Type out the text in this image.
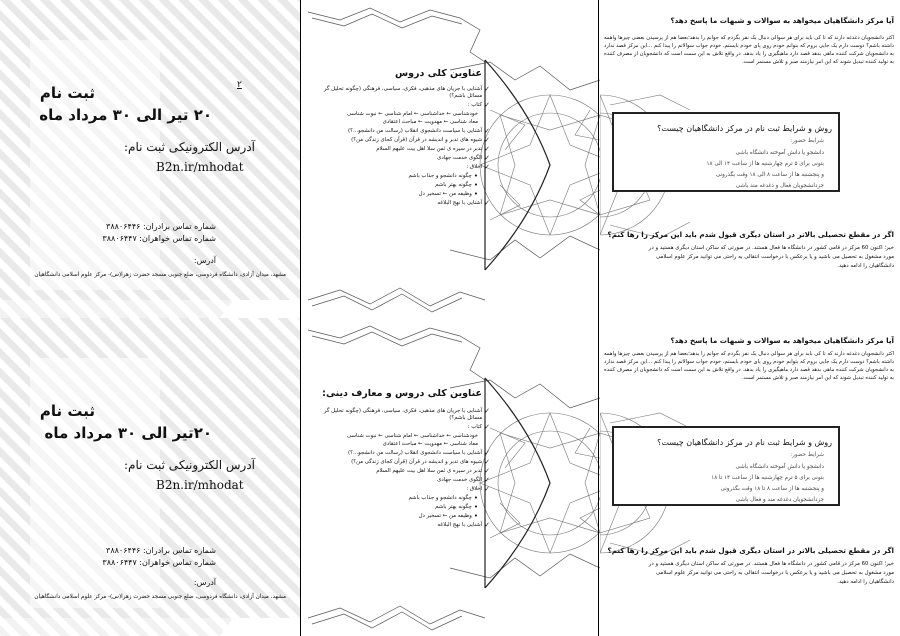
۲
ثبت نام
۲۰ تیر الی ۳۰ مرداد ماه
آدرس الکترونیکی ثبت نام:
B2n.ir/mhodat
شماره تماس برادران: ۳۸۸۰۶۴۴۶
شماره تماس خواهران: ۳۸۸۰۶۴۴۷
آدرس:
مشهد، میدان آزادی، دانشگاه فردوسی، ضلع جنوبی مسجد حضرت زهرا(س)- مرکز علوم اسلامی دانشگاهیان
عناوین کلی دروس
✓
آشنایی با جریان های مذهبی، فکری، سیاسی، فرهنگی (چگونه تحلیل گر مسائل باشم؟)
✓
کتاب :
خودشناسی ← خداشناسی ← امام شناسی ← نبوت شناسی
معاد شناسی ← مهدویت ← مباحث اعتقادی
✓
آشنایی با سیاست دانشجوی انقلاب (رسالت من دانشجو...؟)
✓
شیوه های تدبر و اندیشه در قرآن (قرآن کجای زندگی من؟)
✓
تدبر در سیره ی ثمن سلا اهل بیت علیهم السلام
✓
الگوی خدمت جهادی
✓
اخلاق :
•
چگونه دانشجو و جذاب باشم
•
چگونه بهتر باشم
•
وظیفه من ← تسخیر دل
✓
آشنایی با نهج البلاغه
آیا مرکز دانشگاهیان میخواهد به سوالات و شبهات ما پاسخ دهد؟
اکثر دانشجویان دغدغه دارند که تا کی باید برای هر سوالی دنبال یک نفر بگردم که جوابم را بدهد؛بعضا هم از پرسیدن بعضی چیزها واهمه داشته باشم؟ دوست دارم یک جایی بروم که بتوانم خودم روی پای خودم بایستم، خودم جواب سوالاتم را پیدا کنم ...این مرکز قصد ندارد به دانشجویان شرکت کننده ماهی بدهد قصد دارد ماهیگیری را یاد بدهد. در واقع تلاش به این سمت است که دانشجویان از مصرف کننده به تولید کننده تبدیل شوند که این امر نیازمند صبر و تلاش مستمر است.
روش و شرایط ثبت نام در مرکز دانشگاهیان چیست؟
شرایط حضور:
دانشجو یا دانش آموخته دانشگاه باشی
بتونی برای ۵ ترم چهارشنبه ها از ساعت ۱۴ الی ۱۸
و پنجشنبه ها از ساعت ۸ الی ۱۸ وقت بگذرونی
جزدانشجویان فعال و دغدغه مند باشی
اگر در مقطع تحصیلی بالاتر در استان دیگری قبول شدم باید این مرکز را رها کنم؟
خیر؛ اکنون 60 مرکز در قامی کشور در دانشگاه ها فعال هستند. در صورتی که ساکن استان دیگری هستید و در مورد مشغول به تحصیل می باشید و یا برعکس با درخواست انتقالی به راحتی می توانید مرکز علوم اسلامی دانشگاهیان را ادامه دهید.
ثبت نام
۲۰تیر الی ۳۰ مرداد ماه
آدرس الکترونیکی ثبت نام:
B2n.ir/mhodat
شماره تماس برادران: ۳۸۸۰۶۴۴۶
شماره تماس خواهران: ۳۸۸۰۶۴۴۷
آدرس:
مشهد، میدان آزادی، دانشگاه فردوسی، ضلع جنوبی مسجد حضرت زهرا(س)- مرکز علوم اسلامی دانشگاهیان
عناوین کلی دروس و معارف دینی:
✓
آشنایی با جریان های مذهبی، فکری، سیاسی، فرهنگی (چگونه تحلیل گر مسائل باشم؟)
✓
کتاب :
خودشناسی ← خداشناسی ← امام شناسی ← نبوت شناسی
معاد شناسی ← مهدویت ← مباحث اعتقادی
✓
آشنایی با سیاست دانشجوی انقلاب (رسالت من دانشجو...؟)
✓
شیوه های تدبر و اندیشه در قرآن (قرآن کجای زندگی من؟)
✓
تدبر در سیره ی ثمن سلا اهل بیت علیهم السلام
✓
الگوی خدمت جهادی
✓
اخلاق :
•
چگونه دانشجو و جذاب باشم
•
چگونه بهتر باشم
•
وظیفه من ← تسخیر دل
✓
آشنایی با نهج البلاغه
آیا مرکز دانشگاهیان میخواهد به سوالات و شبهات ما پاسخ دهد؟
اکثر دانشجویان دغدغه دارند که تا کی باید برای هر سوالی دنبال یک نفر بگردم که جوابم را بدهد؛بعضا هم از پرسیدن بعضی چیزها واهمه داشته باشم؟ دوست دارم یک جایی بروم که بتوانم خودم روی پای خودم بایستم، خودم جواب سوالاتم را پیدا کنم ...این مرکز قصد ندارد به دانشجویان شرکت کننده ماهی بدهد قصد دارد ماهیگیری را یاد بدهد. در واقع تلاش به این سمت است که دانشجویان از مصرف کننده به تولید کننده تبدیل شوند که این امر نیازمند صبر و تلاش مستمر است.
روش و شرایط ثبت نام در مرکز دانشگاهیان چیست؟
شرایط حضور:
دانشجو یا دانش آموخته دانشگاه باشی
بتونی برای ۵ ترم چهارشنبه ها از ساعت ۱۴ تا ۱۸
و پنجشنبه ها از ساعت ۸ تا ۱۸ وقت بگذرونی
جزدانشجویان دغدغه مند و فعال باشی
اگر در مقطع تحصیلی بالاتر در استان دیگری قبول شدم باید این مرکز را رها کنم؟
خیر؛ اکنون 60 مرکز در قامی کشور در دانشگاه ها فعال هستند. در صورتی که ساکن استان دیگری هستید و در مورد مشغول به تحصیل می باشید و یا برعکس با درخواست انتقالی به راحتی می توانید مرکز علوم اسلامی دانشگاهیان را ادامه دهید.
